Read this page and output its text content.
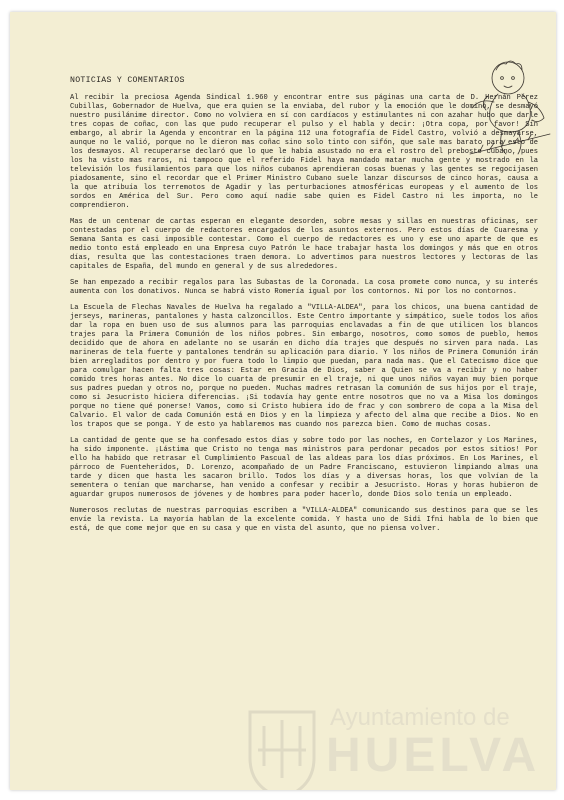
NOTICIAS Y COMENTARIOS

Al recibir la preciosa Agenda Sindical 1.960 y encontrar entre sus páginas una carta de D. Hernán Pérez Cubillas, Gobernador de Huelva, que era quien se la enviaba, del rubor y la emoción que le dominó, se desmayó nuestro pusilánime director. Como no volviera en sí con cardíacos y estimulantes ni con azahar hubo que darle tres copas de coñac, con las que pudo recuperar el pulso y el habla y decir: ¡Otra copa, por favor! Sin embargo, al abrir la Agenda y encontrar en la página 112 una fotografía de Fidel Castro, volvió a desmayarse, aunque no le valió, porque no le dieron mas coñac sino solo tinto con sifón, que sale mas barato para esto de los desmayos. Al recuperarse declaró que lo que le había asustado no era el rostro del preboste cubano, pues los ha visto mas raros, ni tampoco que el referido Fidel haya mandado matar mucha gente y mostrado en la televisión los fusilamientos para que los niños cubanos aprendieran cosas buenas y las gentes se regocijasen piadosamente, sino el recordar que el Primer Ministro Cubano suele lanzar discursos de cinco horas, causa a la que atribuía los terremotos de Agadir y las perturbaciones atmosféricas europeas y el aumento de los sordos en América del Sur. Pero como aquí nadie sabe quien es Fidel Castro ni les importa, no le comprendieron.

Mas de un centenar de cartas esperan en elegante desorden, sobre mesas y sillas en nuestras oficinas, ser contestadas por el cuerpo de redactores encargados de los asuntos externos. Pero estos días de Cuaresma y Semana Santa es casi imposible contestar. Como el cuerpo de redactores es uno y ese uno aparte de que es medio tonto está empleado en una Empresa cuyo Patrón le hace trabajar hasta los domingos y más que en otros días, resulta que las contestaciones traen demora. Lo advertimos para nuestros lectores y lectoras de las capitales de España, del mundo en general y de sus alrededores.

Se han empezado a recibir regalos para las Subastas de la Coronada. La cosa promete como nunca, y su interés aumenta con los donativos. Nunca se habrá visto Romería igual por los contornos. Ni por los no contornos.

La Escuela de Flechas Navales de Huelva ha regalado a "VILLA-ALDEA", para los chicos, una buena cantidad de jerseys, marineras, pantalones y hasta calzoncillos. Este Centro importante y simpático, suele todos los años dar la ropa en buen uso de sus alumnos para las parroquias enclavadas a fin de que utilicen los blancos trajes para la Primera Comunión de los niños pobres. Sin embargo, nosotros, como somos de pueblo, hemos decidido que de ahora en adelante no se usarán en dicho día trajes que después no sirven para nada. Las marineras de tela fuerte y pantalones tendrán su aplicación para diario. Y los niños de Primera Comunión irán bien arregladitos por dentro y por fuera todo lo limpio que puedan, para nada mas. Que el Catecismo dice que para comulgar hacen falta tres cosas: Estar en Gracia de Dios, saber a Quien se va a recibir y no haber comido tres horas antes. No dice lo cuarta de presumir en el traje, ni que unos niños vayan muy bien porque sus padres puedan y otros no, porque no pueden. Muchas madres retrasan la comunión de sus hijos por el traje, como si Jesucristo hiciera diferencias. ¡Si todavía hay gente entre nosotros que no va a Misa los domingos porque no tiene qué ponerse! Vamos, como si Cristo hubiera ido de frac y con sombrero de copa a la Misa del Calvario. El valor de cada Comunión está en Dios y en la limpieza y afecto del alma que recibe a Dios. No en los trapos que se ponga. Y de esto ya hablaremos mas cuando nos parezca bien. Como de muchas cosas.

La cantidad de gente que se ha confesado estos días y sobre todo por las noches, en Cortelazor y Los Marines, ha sido imponente. ¡Lástima que Cristo no tenga mas ministros para perdonar pecados por estos sitios! Por ello ha habido que retrasar el Cumplimiento Pascual de las aldeas para los días próximos. En Los Marines, el párroco de Fuenteheridos, D. Lorenzo, acompañado de un Padre Franciscano, estuvieron limpiando almas una tarde y dicen que hasta les sacaron brillo. Todos los días y a diversas horas, los que volvían de la sementera o tenían que marcharse, han venido a confesar y recibir a Jesucristo. Horas y horas hubieron de aguardar grupos numerosos de jóvenes y de hombres para poder hacerlo, donde Dios solo tenía un empleado.

Numerosos reclutas de nuestras parroquias escriben a "VILLA-ALDEA" comunicando sus destinos para que se les envíe la revista. La mayoría hablan de la excelente comida. Y hasta uno de Sidi Ifni habla de lo bien que está, de que come mejor que en su casa y que en vista del asunto, que no piensa volver.

Ayuntamiento de
HUELVA
